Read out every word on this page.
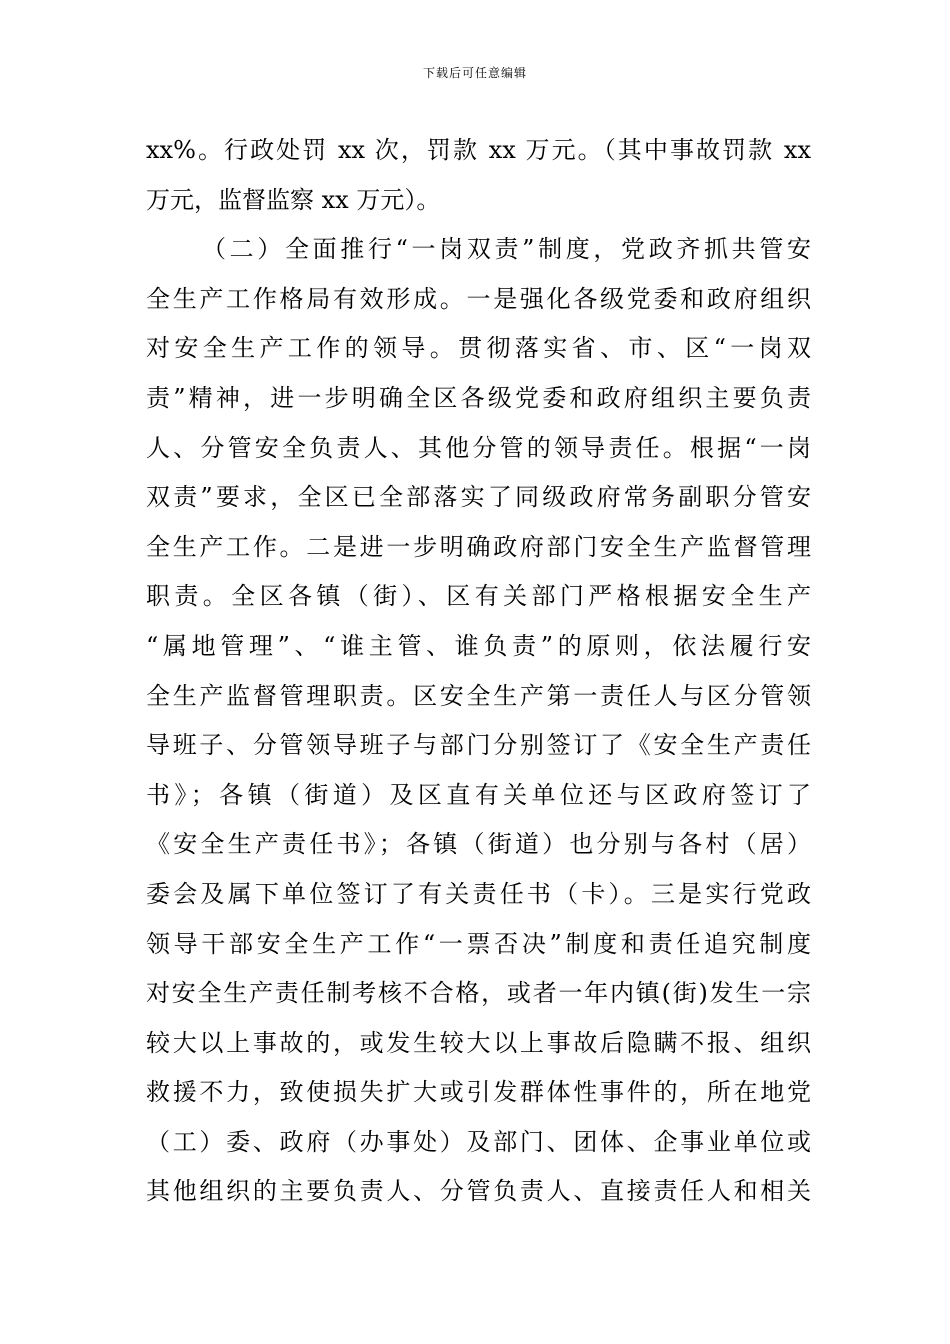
下载后可任意编辑
xx%。行政处罚 xx 次，罚款 xx 万元。（其中事故罚款 xx
万元，监督监察 xx 万元）。
（二）全面推行“一岗双责”制度，党政齐抓共管安
全生产工作格局有效形成。一是强化各级党委和政府组织
对安全生产工作的领导。贯彻落实省、市、区“一岗双
责”精神，进一步明确全区各级党委和政府组织主要负责
人、分管安全负责人、其他分管的领导责任。根据“一岗
双责”要求，全区已全部落实了同级政府常务副职分管安
全生产工作。二是进一步明确政府部门安全生产监督管理
职责。全区各镇（街）、区有关部门严格根据安全生产
“属地管理”、“谁主管、谁负责”的原则，依法履行安
全生产监督管理职责。区安全生产第一责任人与区分管领
导班子、分管领导班子与部门分别签订了《安全生产责任
书》；各镇（街道）及区直有关单位还与区政府签订了
《安全生产责任书》；各镇（街道）也分别与各村（居）
委会及属下单位签订了有关责任书（卡）。三是实行党政
领导干部安全生产工作“一票否决”制度和责任追究制度
对安全生产责任制考核不合格，或者一年内镇(街)发生一宗
较大以上事故的，或发生较大以上事故后隐瞒不报、组织
救援不力，致使损失扩大或引发群体性事件的，所在地党
（工）委、政府（办事处）及部门、团体、企事业单位或
其他组织的主要负责人、分管负责人、直接责任人和相关
